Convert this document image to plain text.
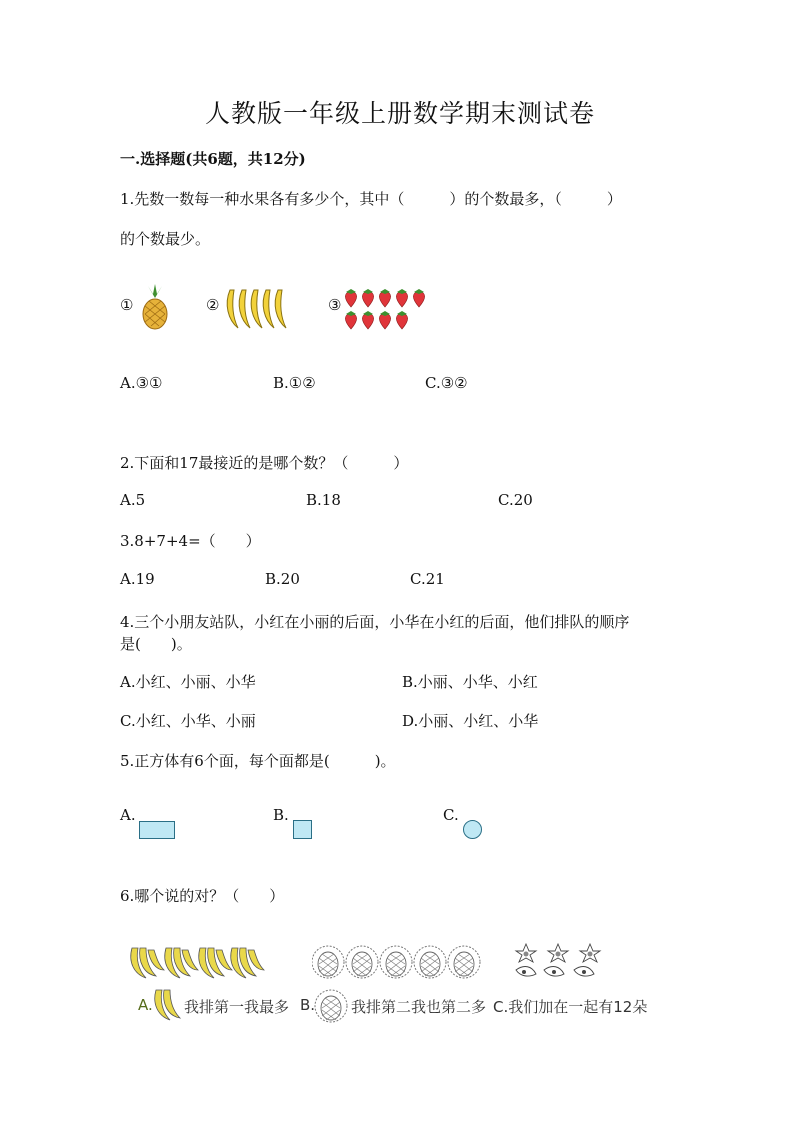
人教版一年级上册数学期末测试卷
一.选择题(共6题，共12分)
1.先数一数每一种水果各有多少个，其中（　　　）的个数最多，（　　　）
的个数最少。
①	②	③
A.③①	B.①②	C.③②
2.下面和17最接近的是哪个数？（　　　）
A.5	B.18	C.20
3.8+7+4=（　　）
A.19	B.20	C.21
4.三个小朋友站队，小红在小丽的后面，小华在小红的后面，他们排队的顺序
是(　　)。
A.小红、小丽、小华	B.小丽、小华、小红
C.小红、小华、小丽	D.小丽、小红、小华
5.正方体有6个面，每个面都是(　　　)。
A.	B.	C.
6.哪个说的对？（　　）
A. 我排第一我最多 B. 我排第二我也第二多 C.我们加在一起有12朵
